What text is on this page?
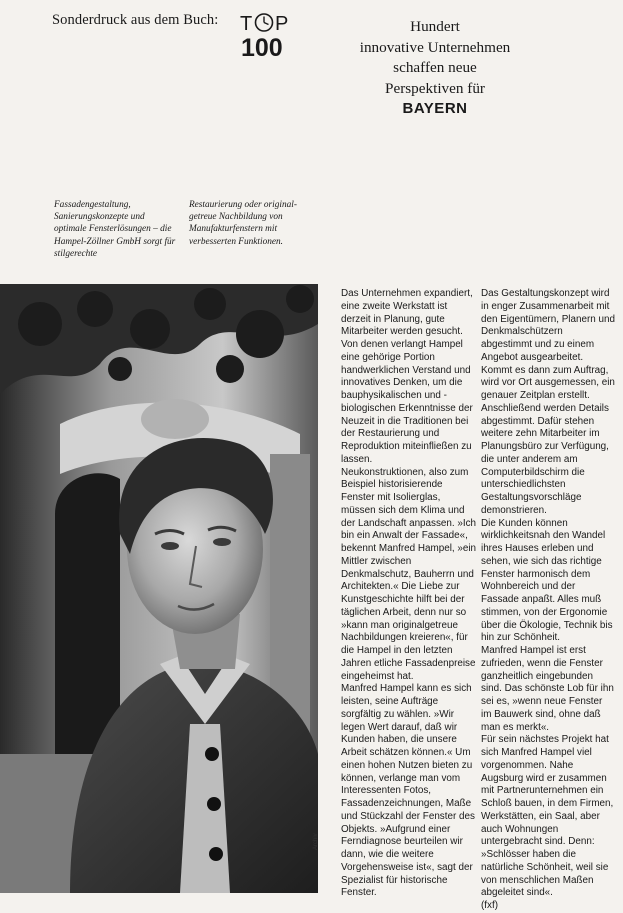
Sonderdruck aus dem Buch: T P
100
Hundert
innovative Unternehmen
schaffen neue
Perspektiven für
BAYERN
Fassadengestaltung, Sanierungskonzepte und optimale Fensterlösungen – die Hampel-Zöllner GmbH sorgt für stilgerechte
Restaurierung oder original-getreue Nachbildung von Manufakturfenstern mit verbesserten Funktionen.
Archiv

Das Unternehmen expandiert, eine zweite Werkstatt ist derzeit in Planung, gute Mitarbeiter werden gesucht. Von denen verlangt Hampel eine gehörige Portion handwerklichen Verstand und innovatives Denken, um die bauphysikalischen und -biologischen Erkenntnisse der Neuzeit in die Traditionen bei der Restaurierung und Reproduktion miteinfließen zu lassen.

Neukonstruktionen, also zum Beispiel historisierende Fenster mit Isolierglas, müssen sich dem Klima und der Landschaft anpassen. »Ich bin ein Anwalt der Fassade«, bekennt Manfred Hampel, »ein Mittler zwischen Denkmalschutz, Bauherrn und Architekten.« Die Liebe zur Kunstgeschichte hilft bei der täglichen Arbeit, denn nur so »kann man originalgetreue Nachbildungen kreieren«, für die Hampel in den letzten Jahren etliche Fassadenpreise eingeheimst hat.

Manfred Hampel kann es sich leisten, seine Aufträge sorgfältig zu wählen. »Wir legen Wert darauf, daß wir Kunden haben, die unsere Arbeit schätzen können.« Um einen hohen Nutzen bieten zu können, verlange man vom Interessenten Fotos, Fassadenzeichnungen, Maße und Stückzahl der Fenster des Objekts. »Aufgrund einer Ferndiagnose beurteilen wir dann, wie die weitere Vorgehensweise ist«, sagt der Spezialist für historische Fenster.

Das Gestaltungskonzept wird in enger Zusammenarbeit mit den Eigentümern, Planern und Denkmalschützern abgestimmt und zu einem Angebot ausgearbeitet. Kommt es dann zum Auftrag, wird vor Ort ausgemessen, ein genauer Zeitplan erstellt.

Anschließend werden Details abgestimmt. Dafür stehen weitere zehn Mitarbeiter im Planungsbüro zur Verfügung, die unter anderem am Computerbildschirm die unterschiedlichsten Gestaltungsvorschläge demonstrieren.

Die Kunden können wirklichkeitsnah den Wandel ihres Hauses erleben und sehen, wie sich das richtige Fenster harmonisch dem Wohnbereich und der Fassade anpaßt. Alles muß stimmen, von der Ergonomie über die Ökologie, Technik bis hin zur Schönheit.

Manfred Hampel ist erst zufrieden, wenn die Fenster ganzheitlich eingebunden sind. Das schönste Lob für ihn sei es, »wenn neue Fenster im Bauwerk sind, ohne daß man es merkt«.

Für sein nächstes Projekt hat sich Manfred Hampel viel vorgenommen. Nahe Augsburg wird er zusammen mit Partnerunternehmen ein Schloß bauen, in dem Firmen, Werkstätten, ein Saal, aber auch Wohnungen untergebracht sind. Denn: »Schlösser haben die natürliche Schönheit, weil sie von menschlichen Maßen abgeleitet sind«.

(fxf)
